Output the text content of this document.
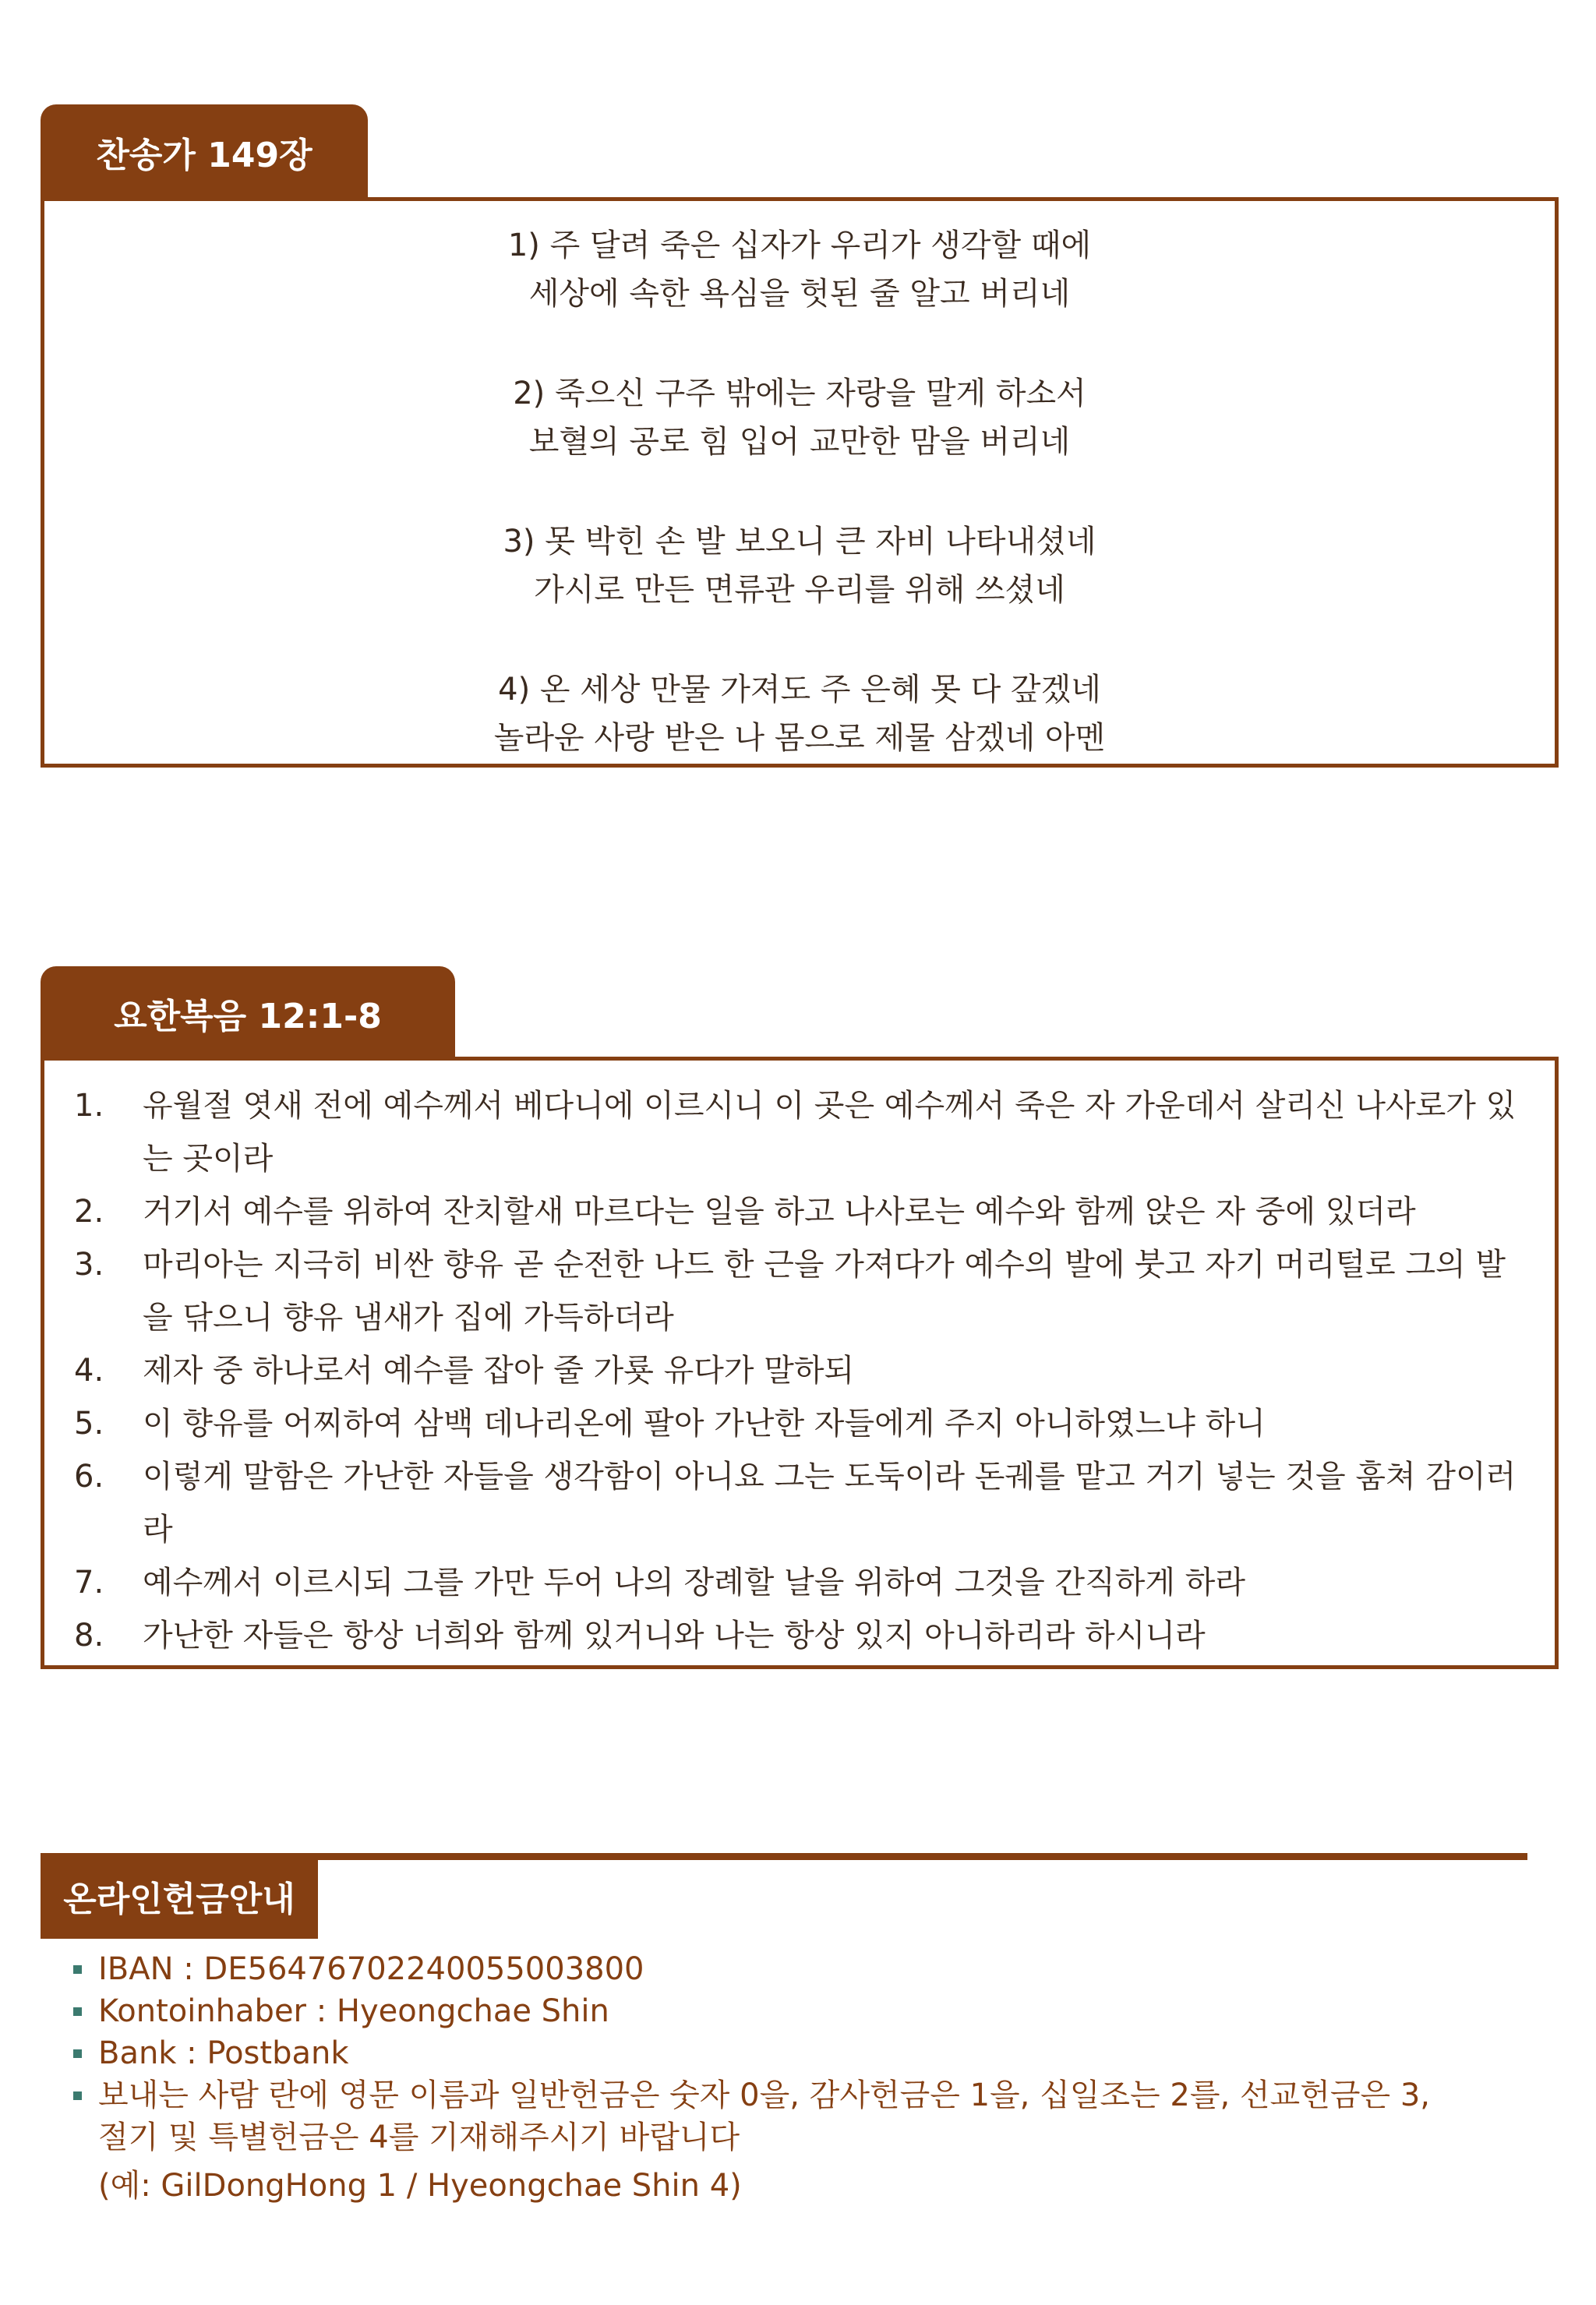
찬송가 149장
1) 주 달려 죽은 십자가 우리가 생각할 때에
세상에 속한 욕심을 헛된 줄 알고 버리네
2) 죽으신 구주 밖에는 자랑을 말게 하소서
보혈의 공로 힘 입어 교만한 맘을 버리네
3) 못 박힌 손 발 보오니 큰 자비 나타내셨네
가시로 만든 면류관 우리를 위해 쓰셨네
4) 온 세상 만물 가져도 주 은혜 못 다 갚겠네
놀라운 사랑 받은 나 몸으로 제물 삼겠네 아멘
요한복음 12:1-8
1.	유월절 엿새 전에 예수께서 베다니에 이르시니 이 곳은 예수께서 죽은 자 가운데서 살리신 나사로가 있는 곳이라
2.	거기서 예수를 위하여 잔치할새 마르다는 일을 하고 나사로는 예수와 함께 앉은 자 중에 있더라
3.	마리아는 지극히 비싼 향유 곧 순전한 나드 한 근을 가져다가 예수의 발에 붓고 자기 머리털로 그의 발을 닦으니 향유 냄새가 집에 가득하더라
4.	제자 중 하나로서 예수를 잡아 줄 가룟 유다가 말하되
5.	이 향유를 어찌하여 삼백 데나리온에 팔아 가난한 자들에게 주지 아니하였느냐 하니
6.	이렇게 말함은 가난한 자들을 생각함이 아니요 그는 도둑이라 돈궤를 맡고 거기 넣는 것을 훔쳐 감이러라
7.	예수께서 이르시되 그를 가만 두어 나의 장례할 날을 위하여 그것을 간직하게 하라
8.	가난한 자들은 항상 너희와 함께 있거니와 나는 항상 있지 아니하리라 하시니라
온라인헌금안내
IBAN : DE56476702240055003800
Kontoinhaber : Hyeongchae Shin
Bank : Postbank
보내는 사람 란에 영문 이름과 일반헌금은 숫자 0을, 감사헌금은 1을, 십일조는 2를, 선교헌금은 3,
절기 및 특별헌금은 4를 기재해주시기 바랍니다
(예: GilDongHong 1 / Hyeongchae Shin 4)
